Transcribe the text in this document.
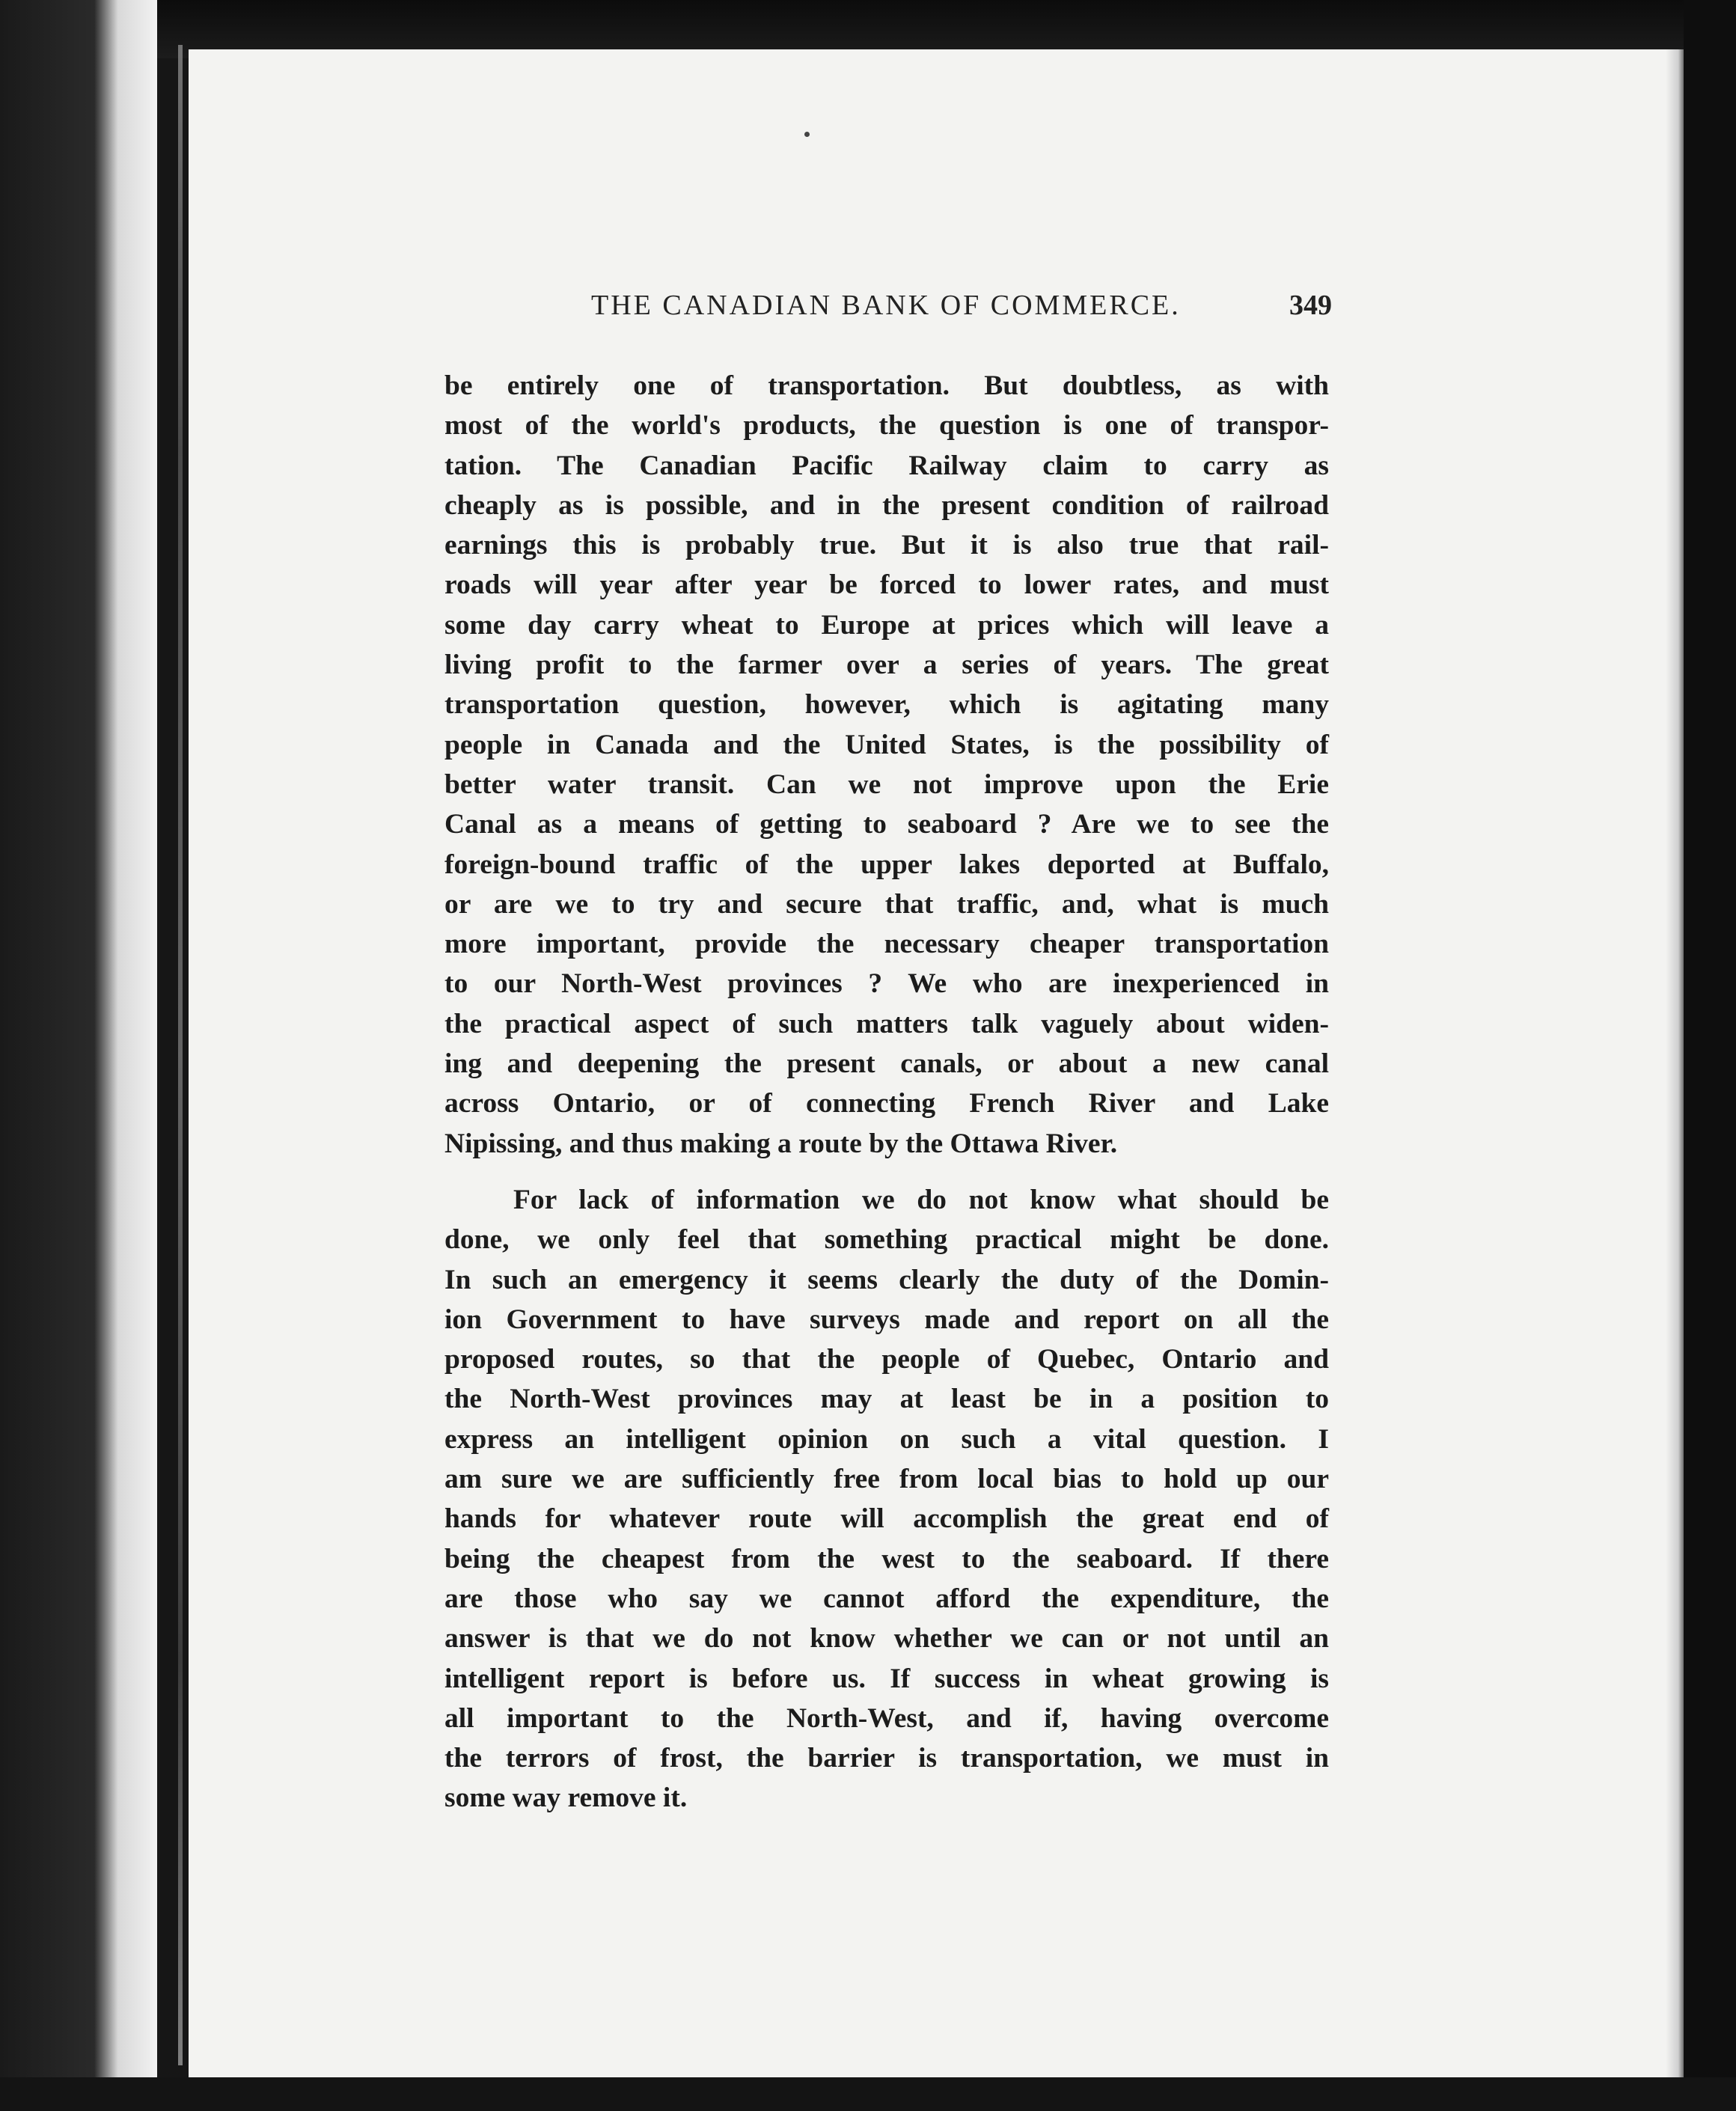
THE CANADIAN BANK OF COMMERCE.	349
be entirely one of transportation. But doubtless, as with
most of the world's products, the question is one of transpor-
tation. The Canadian Pacific Railway claim to carry as
cheaply as is possible, and in the present condition of railroad
earnings this is probably true. But it is also true that rail-
roads will year after year be forced to lower rates, and must
some day carry wheat to Europe at prices which will leave a
living profit to the farmer over a series of years. The great
transportation question, however, which is agitating many
people in Canada and the United States, is the possibility of
better water transit. Can we not improve upon the Erie
Canal as a means of getting to seaboard ? Are we to see the
foreign-bound traffic of the upper lakes deported at Buffalo,
or are we to try and secure that traffic, and, what is much
more important, provide the necessary cheaper transportation
to our North-West provinces ? We who are inexperienced in
the practical aspect of such matters talk vaguely about widen-
ing and deepening the present canals, or about a new canal
across Ontario, or of connecting French River and Lake
Nipissing, and thus making a route by the Ottawa River.
For lack of information we do not know what should be
done, we only feel that something practical might be done.
In such an emergency it seems clearly the duty of the Domin-
ion Government to have surveys made and report on all the
proposed routes, so that the people of Quebec, Ontario and
the North-West provinces may at least be in a position to
express an intelligent opinion on such a vital question. I
am sure we are sufficiently free from local bias to hold up our
hands for whatever route will accomplish the great end of
being the cheapest from the west to the seaboard. If there
are those who say we cannot afford the expenditure, the
answer is that we do not know whether we can or not until an
intelligent report is before us. If success in wheat growing is
all important to the North-West, and if, having overcome
the terrors of frost, the barrier is transportation, we must in
some way remove it.
